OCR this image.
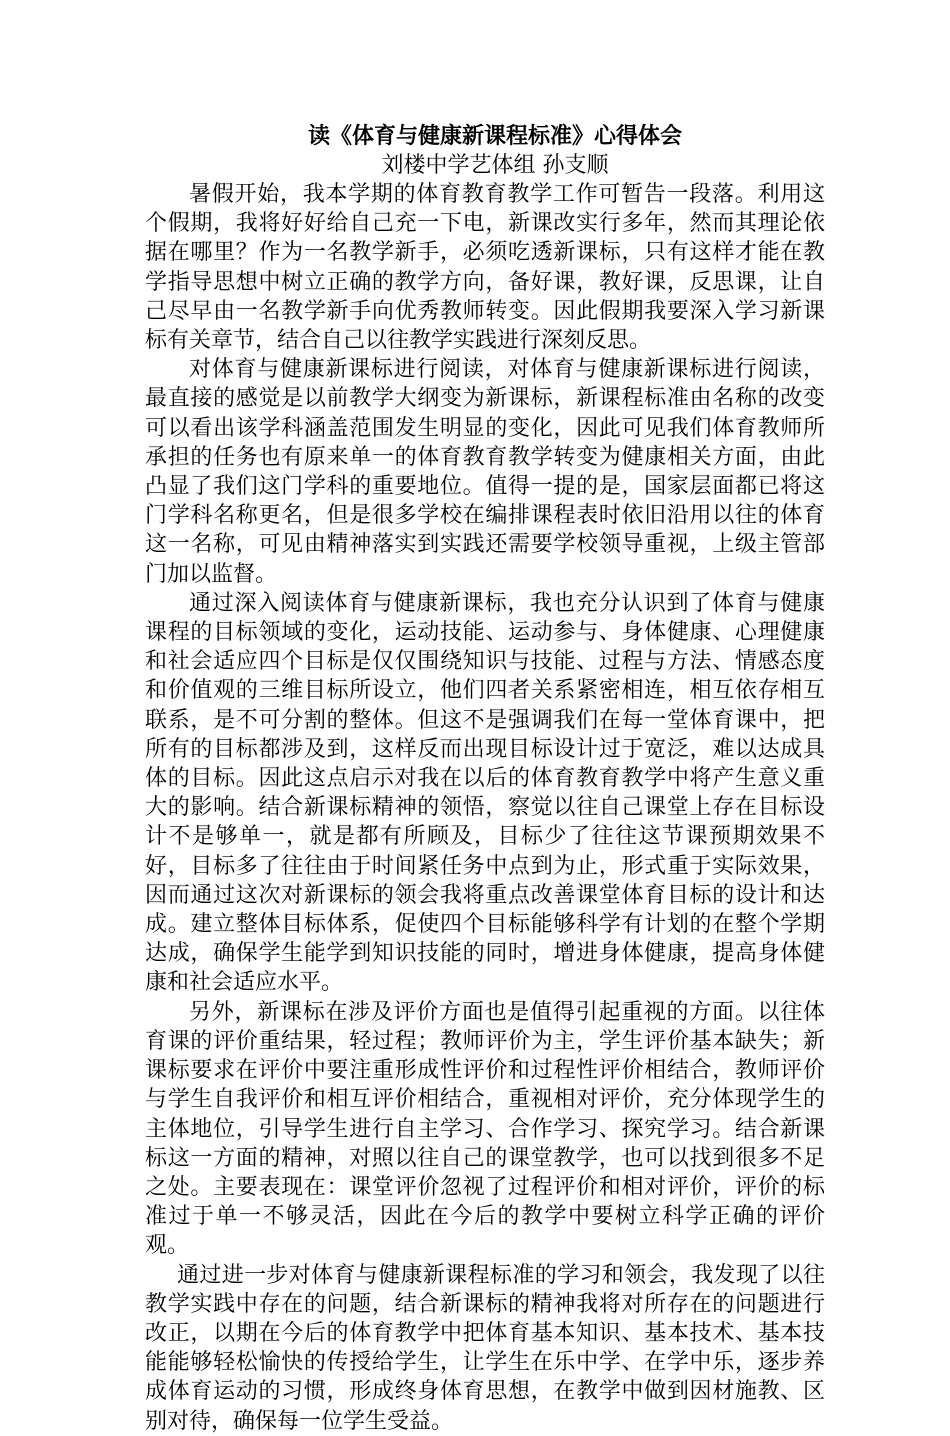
读《体育与健康新课程标准》心得体会

刘楼中学艺体组 孙支顺

暑假开始，我本学期的体育教育教学工作可暂告一段落。利用这个假期，我将好好给自己充一下电，新课改实行多年，然而其理论依据在哪里？作为一名教学新手，必须吃透新课标，只有这样才能在教学指导思想中树立正确的教学方向，备好课，教好课，反思课，让自己尽早由一名教学新手向优秀教师转变。因此假期我要深入学习新课标有关章节，结合自己以往教学实践进行深刻反思。

对体育与健康新课标进行阅读，对体育与健康新课标进行阅读，最直接的感觉是以前教学大纲变为新课标，新课程标准由名称的改变可以看出该学科涵盖范围发生明显的变化，因此可见我们体育教师所承担的任务也有原来单一的体育教育教学转变为健康相关方面，由此凸显了我们这门学科的重要地位。值得一提的是，国家层面都已将这门学科名称更名，但是很多学校在编排课程表时依旧沿用以往的体育这一名称，可见由精神落实到实践还需要学校领导重视，上级主管部门加以监督。

通过深入阅读体育与健康新课标，我也充分认识到了体育与健康课程的目标领域的变化，运动技能、运动参与、身体健康、心理健康和社会适应四个目标是仅仅围绕知识与技能、过程与方法、情感态度和价值观的三维目标所设立，他们四者关系紧密相连，相互依存相互联系，是不可分割的整体。但这不是强调我们在每一堂体育课中，把所有的目标都涉及到，这样反而出现目标设计过于宽泛，难以达成具体的目标。因此这点启示对我在以后的体育教育教学中将产生意义重大的影响。结合新课标精神的领悟，察觉以往自己课堂上存在目标设计不是够单一，就是都有所顾及，目标少了往往这节课预期效果不好，目标多了往往由于时间紧任务中点到为止，形式重于实际效果，因而通过这次对新课标的领会我将重点改善课堂体育目标的设计和达成。建立整体目标体系，促使四个目标能够科学有计划的在整个学期达成，确保学生能学到知识技能的同时，增进身体健康，提高身体健康和社会适应水平。

另外，新课标在涉及评价方面也是值得引起重视的方面。以往体育课的评价重结果，轻过程；教师评价为主，学生评价基本缺失；新课标要求在评价中要注重形成性评价和过程性评价相结合，教师评价与学生自我评价和相互评价相结合，重视相对评价，充分体现学生的主体地位，引导学生进行自主学习、合作学习、探究学习。结合新课标这一方面的精神，对照以往自己的课堂教学，也可以找到很多不足之处。主要表现在：课堂评价忽视了过程评价和相对评价，评价的标准过于单一不够灵活，因此在今后的教学中要树立科学正确的评价观。

通过进一步对体育与健康新课程标准的学习和领会，我发现了以往教学实践中存在的问题，结合新课标的精神我将对所存在的问题进行改正，以期在今后的体育教学中把体育基本知识、基本技术、基本技能能够轻松愉快的传授给学生，让学生在乐中学、在学中乐，逐步养成体育运动的习惯，形成终身体育思想，在教学中做到因材施教、区别对待，确保每一位学生受益。
